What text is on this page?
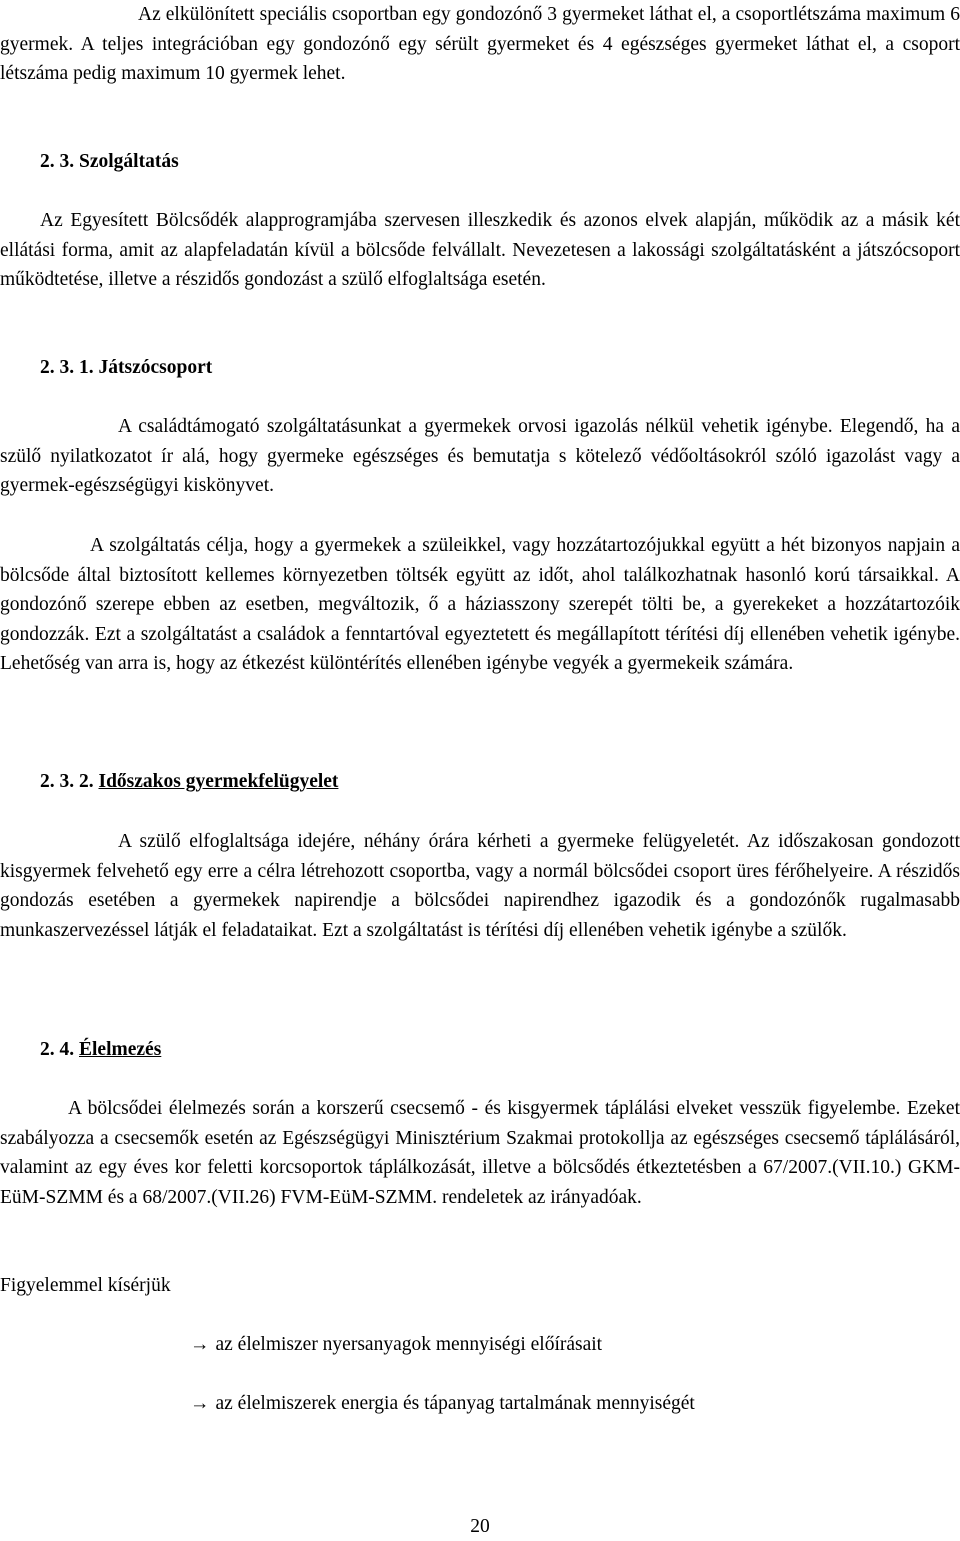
Az elkülönített speciális csoportban egy gondozónő 3 gyermeket láthat el, a csoportlétszáma maximum 6 gyermek. A teljes integrációban egy gondozónő egy sérült gyermeket és 4 egészséges gyermeket láthat el, a csoport létszáma pedig maximum 10 gyermek lehet.

2. 3. Szolgáltatás

Az Egyesített Bölcsődék alapprogramjába szervesen illeszkedik és azonos elvek alapján, működik az a másik két ellátási forma, amit az alapfeladatán kívül a bölcsőde felvállalt. Nevezetesen a lakossági szolgáltatásként a játszócsoport működtetése, illetve a részidős gondozást a szülő elfoglaltsága esetén.

2. 3. 1. Játszócsoport

A családtámogató szolgáltatásunkat a gyermekek orvosi igazolás nélkül vehetik igénybe. Elegendő, ha a szülő nyilatkozatot ír alá, hogy gyermeke egészséges és bemutatja s kötelező védőoltásokról szóló igazolást vagy a gyermek-egészségügyi kiskönyvet.

A szolgáltatás célja, hogy a gyermekek a szüleikkel, vagy hozzátartozójukkal együtt a hét bizonyos napjain a bölcsőde által biztosított kellemes környezetben töltsék együtt az időt, ahol találkozhatnak hasonló korú társaikkal. A gondozónő szerepe ebben az esetben, megváltozik, ő a háziasszony szerepét tölti be, a gyerekeket a hozzátartozóik gondozzák. Ezt a szolgáltatást a családok a fenntartóval egyeztetett és megállapított térítési díj ellenében vehetik igénybe. Lehetőség van arra is, hogy az étkezést különtérítés ellenében igénybe vegyék a gyermekeik számára.

2. 3. 2. Időszakos gyermekfelügyelet

A szülő elfoglaltsága idejére, néhány órára kérheti a gyermeke felügyeletét. Az időszakosan gondozott kisgyermek felvehető egy erre a célra létrehozott csoportba, vagy a normál bölcsődei csoport üres férőhelyeire. A részidős gondozás esetében a gyermekek napirendje a bölcsődei napirendhez igazodik és a gondozónők rugalmasabb munkaszervezéssel látják el feladataikat. Ezt a szolgáltatást is térítési díj ellenében vehetik igénybe a szülők.

2. 4. Élelmezés

A bölcsődei élelmezés során a korszerű csecsemő - és kisgyermek táplálási elveket vesszük figyelembe. Ezeket szabályozza a csecsemők esetén az Egészségügyi Minisztérium Szakmai protokollja az egészséges csecsemő táplálásáról, valamint az egy éves kor feletti korcsoportok táplálkozását, illetve a bölcsődés étkeztetésben a 67/2007.(VII.10.) GKM-EüM-SZMM és a 68/2007.(VII.26) FVM-EüM-SZMM. rendeletek az irányadóak.

Figyelemmel kísérjük

→ az élelmiszer nyersanyagok mennyiségi előírásait
→ az élelmiszerek energia és tápanyag tartalmának mennyiségét
20
